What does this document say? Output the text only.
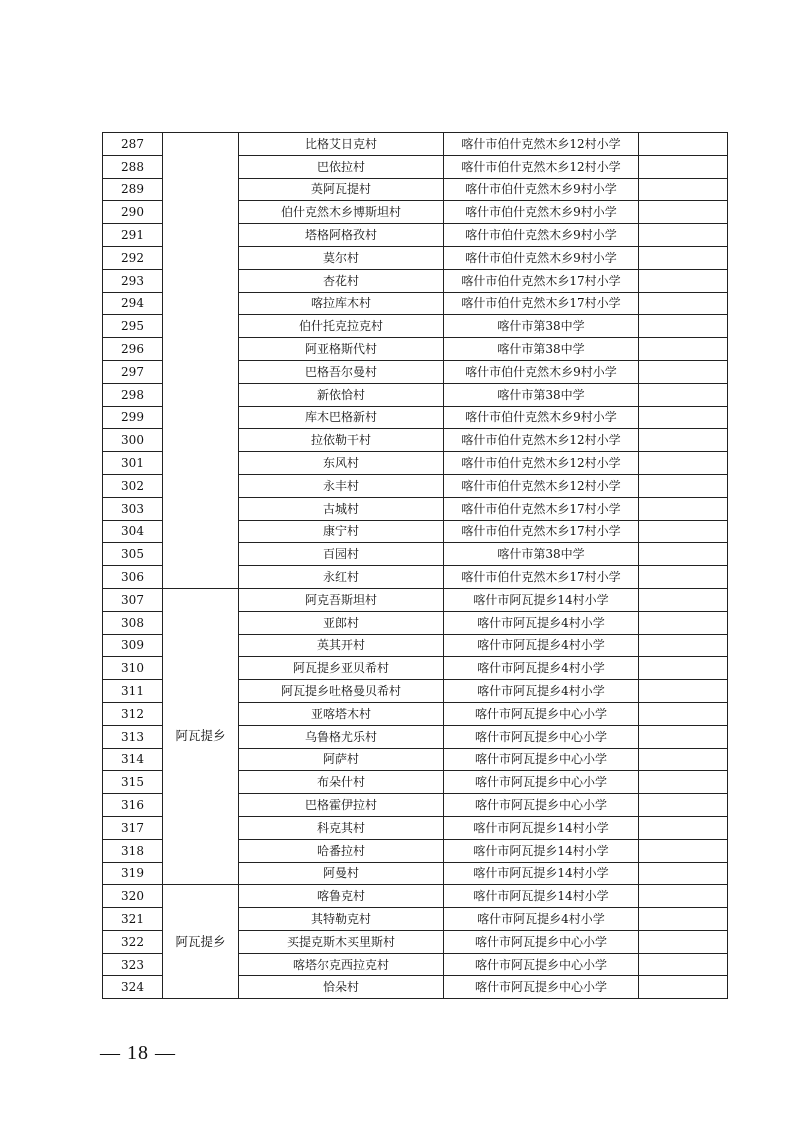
287		比格艾日克村	喀什市伯什克然木乡12村小学	
288		巴依拉村	喀什市伯什克然木乡12村小学	
289		英阿瓦提村	喀什市伯什克然木乡9村小学	
290		伯什克然木乡博斯坦村	喀什市伯什克然木乡9村小学	
291		塔格阿格孜村	喀什市伯什克然木乡9村小学	
292		莫尔村	喀什市伯什克然木乡9村小学	
293		杏花村	喀什市伯什克然木乡17村小学	
294		喀拉库木村	喀什市伯什克然木乡17村小学	
295		伯什托克拉克村	喀什市第38中学	
296		阿亚格斯代村	喀什市第38中学	
297		巴格吾尔曼村	喀什市伯什克然木乡9村小学	
298		新依恰村	喀什市第38中学	
299		库木巴格新村	喀什市伯什克然木乡9村小学	
300		拉依勒干村	喀什市伯什克然木乡12村小学	
301		东风村	喀什市伯什克然木乡12村小学	
302		永丰村	喀什市伯什克然木乡12村小学	
303		古城村	喀什市伯什克然木乡17村小学	
304		康宁村	喀什市伯什克然木乡17村小学	
305		百园村	喀什市第38中学	
306		永红村	喀什市伯什克然木乡17村小学	
307	阿瓦提乡	阿克吾斯坦村	喀什市阿瓦提乡14村小学	
308		亚郎村	喀什市阿瓦提乡4村小学	
309		英其开村	喀什市阿瓦提乡4村小学	
310		阿瓦提乡亚贝希村	喀什市阿瓦提乡4村小学	
311		阿瓦提乡吐格曼贝希村	喀什市阿瓦提乡4村小学	
312		亚喀塔木村	喀什市阿瓦提乡中心小学	
313		乌鲁格尤乐村	喀什市阿瓦提乡中心小学	
314		阿萨村	喀什市阿瓦提乡中心小学	
315		布朵什村	喀什市阿瓦提乡中心小学	
316		巴格霍伊拉村	喀什市阿瓦提乡中心小学	
317		科克其村	喀什市阿瓦提乡14村小学	
318		哈番拉村	喀什市阿瓦提乡14村小学	
319		阿曼村	喀什市阿瓦提乡14村小学	
320	阿瓦提乡	喀鲁克村	喀什市阿瓦提乡14村小学	
321		其特勒克村	喀什市阿瓦提乡4村小学	
322		买提克斯木买里斯村	喀什市阿瓦提乡中心小学	
323		喀塔尔克西拉克村	喀什市阿瓦提乡中心小学	
324		恰朵村	喀什市阿瓦提乡中心小学	
— 18 —
